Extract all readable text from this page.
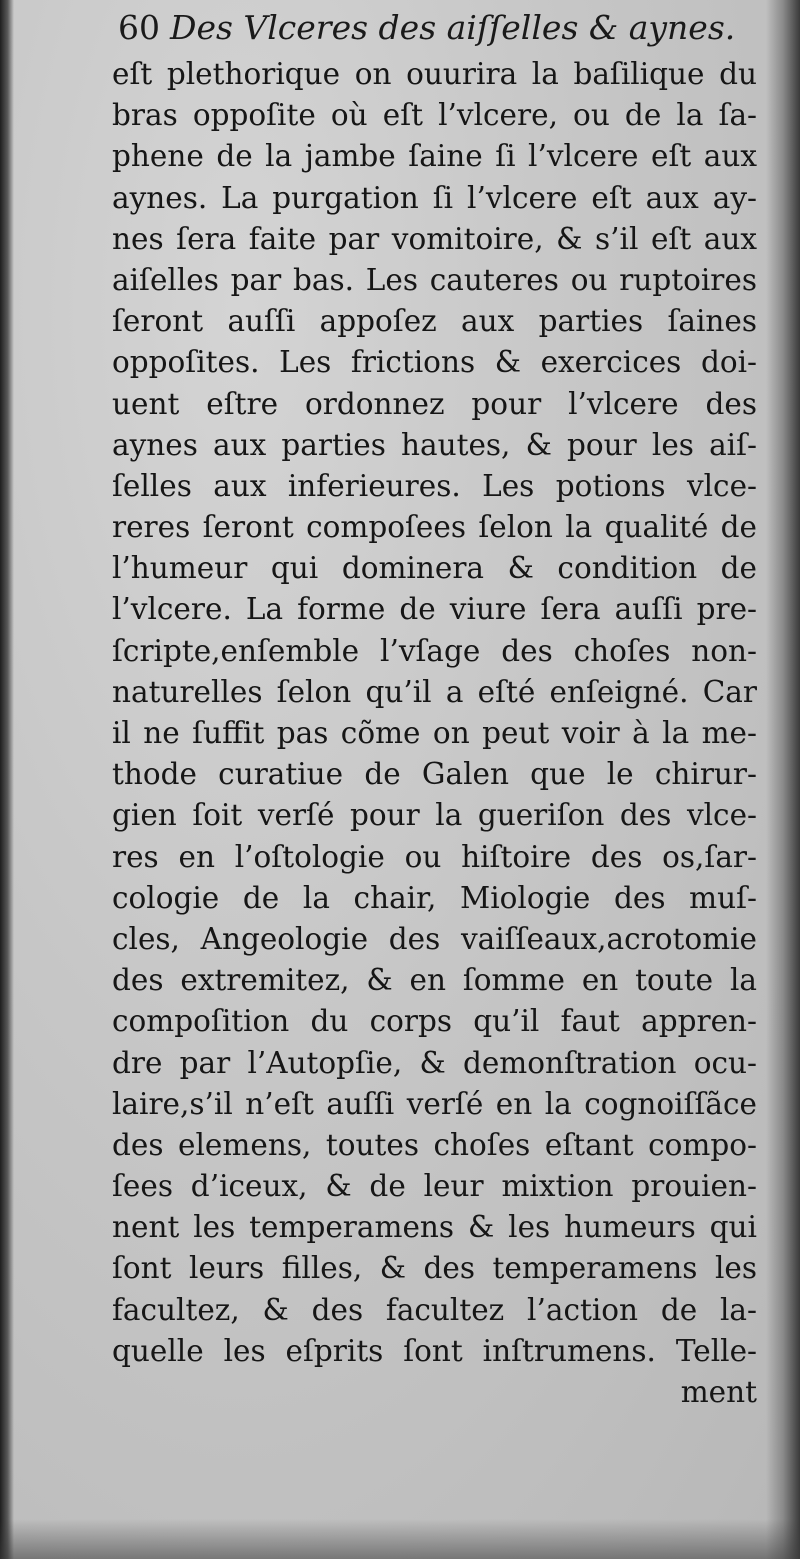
60 Des Vlceres des aiſſelles & aynes.
eſt plethorique on ouurira la baſilique du
bras oppoſite où eſt l’vlcere, ou de la ſa-
phene de la jambe ſaine ſi l’vlcere eſt aux
aynes. La purgation ſi l’vlcere eſt aux ay-
nes ſera faite par vomitoire, & s’il eſt aux
aiſelles par bas. Les cauteres ou ruptoires
ſeront auſſi appoſez aux parties ſaines
oppoſites. Les frictions & exercices doi-
uent eſtre ordonnez pour l’vlcere des
aynes aux parties hautes, & pour les aiſ-
ſelles aux inferieures. Les potions vlce-
reres ſeront compoſees ſelon la qualité de
l’humeur qui dominera & condition de
l’vlcere. La forme de viure ſera auſſi pre-
ſcripte,enſemble l’vſage des choſes non-
naturelles ſelon qu’il a eſté enſeigné. Car
il ne ſuffit pas cõme on peut voir à la me-
thode curatiue de Galen que le chirur-
gien ſoit verſé pour la gueriſon des vlce-
res en l’oſtologie ou hiſtoire des os,ſar-
cologie de la chair, Miologie des muſ-
cles, Angeologie des vaiſſeaux,acrotomie
des extremitez, & en ſomme en toute la
compoſition du corps qu’il faut appren-
dre par l’Autopſie, & demonſtration ocu-
laire,s’il n’eſt auſſi verſé en la cognoiſſãce
des elemens, toutes choſes eſtant compo-
ſees d’iceux, & de leur mixtion prouien-
nent les temperamens & les humeurs qui
ſont leurs filles, & des temperamens les
facultez, & des facultez l’action de la-
quelle les eſprits ſont inſtrumens. Telle-
ment
